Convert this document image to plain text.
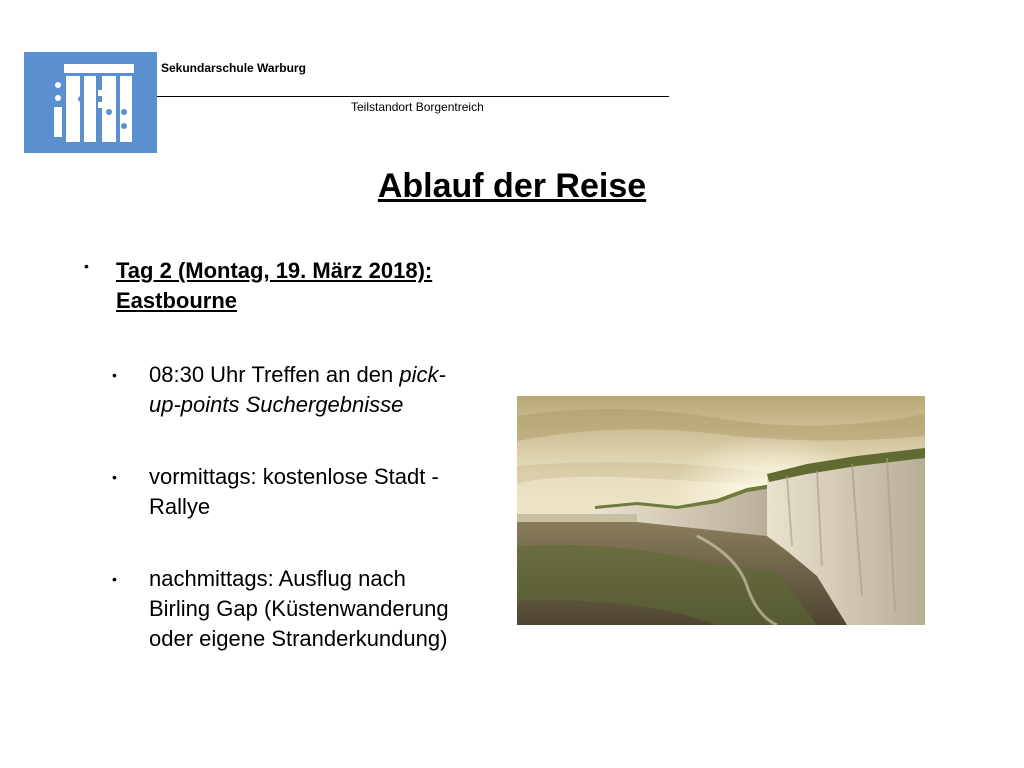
Sekundarschule Warburg
Teilstandort Borgentreich
Ablauf der Reise
• Tag 2 (Montag, 19. März 2018):
Eastbourne
• 08:30 Uhr Treffen an den pick-
up-points Suchergebnisse
• vormittags: kostenlose Stadt -
Rallye
• nachmittags: Ausflug nach
Birling Gap (Küstenwanderung
oder eigene Stranderkundung)
